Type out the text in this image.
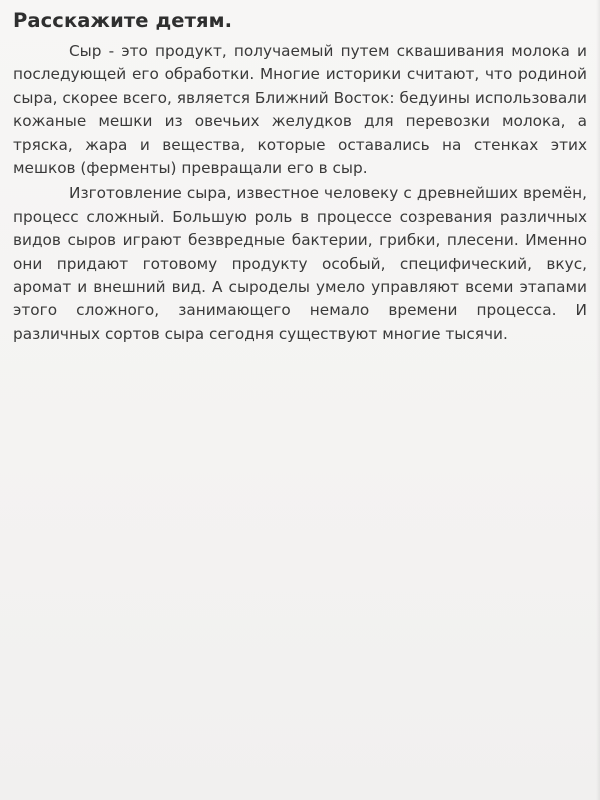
Расскажите детям.

Сыр - это продукт, получаемый путем сквашивания молока и последующей его обработки. Многие историки считают, что родиной сыра, скорее всего, является Ближний Восток: бедуины использовали кожаные мешки из овечьих желудков для перевозки молока, а тряска, жара и вещества, которые оставались на стенках этих мешков (ферменты) превращали его в сыр.

Изготовление сыра, известное человеку с древнейших времён, процесс сложный. Большую роль в процессе созревания различных видов сыров играют безвредные бактерии, грибки, плесени. Именно они придают готовому продукту особый, специфический, вкус, аромат и внешний вид. А сыроделы умело управляют всеми этапами этого сложного, занимающего немало времени процесса. И различных сортов сыра сегодня существуют многие тысячи.
